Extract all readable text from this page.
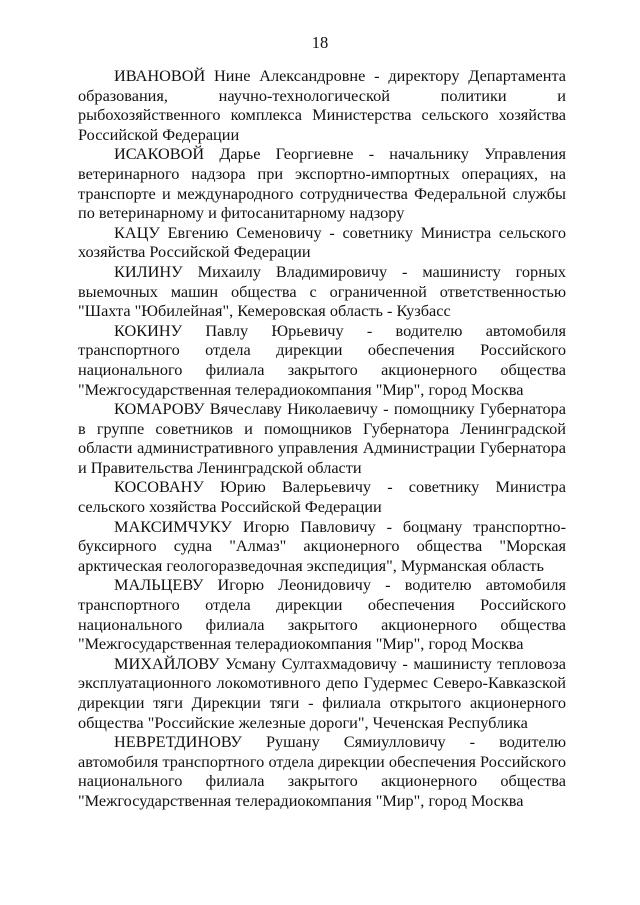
18

ИВАНОВОЙ Нине Александровне - директору Департамента образования, научно-технологической политики и рыбохозяйственного комплекса Министерства сельского хозяйства Российской Федерации

ИСАКОВОЙ Дарье Георгиевне - начальнику Управления ветеринарного надзора при экспортно-импортных операциях, на транспорте и международного сотрудничества Федеральной службы по ветеринарному и фитосанитарному надзору

КАЦУ Евгению Семеновичу - советнику Министра сельского хозяйства Российской Федерации

КИЛИНУ Михаилу Владимировичу - машинисту горных выемочных машин общества с ограниченной ответственностью "Шахта "Юбилейная", Кемеровская область - Кузбасс

КОКИНУ Павлу Юрьевичу - водителю автомобиля транспортного отдела дирекции обеспечения Российского национального филиала закрытого акционерного общества "Межгосударственная телерадиокомпания "Мир", город Москва

КОМАРОВУ Вячеславу Николаевичу - помощнику Губернатора в группе советников и помощников Губернатора Ленинградской области административного управления Администрации Губернатора и Правительства Ленинградской области

КОСОВАНУ Юрию Валерьевичу - советнику Министра сельского хозяйства Российской Федерации

МАКСИМЧУКУ Игорю Павловичу - боцману транспортно-буксирного судна "Алмаз" акционерного общества "Морская арктическая геологоразведочная экспедиция", Мурманская область

МАЛЬЦЕВУ Игорю Леонидовичу - водителю автомобиля транспортного отдела дирекции обеспечения Российского национального филиала закрытого акционерного общества "Межгосударственная телерадиокомпания "Мир", город Москва

МИХАЙЛОВУ Усману Султахмадовичу - машинисту тепловоза эксплуатационного локомотивного депо Гудермес Северо-Кавказской дирекции тяги Дирекции тяги - филиала открытого акционерного общества "Российские железные дороги", Чеченская Республика

НЕВРЕТДИНОВУ Рушану Сямиулловичу - водителю автомобиля транспортного отдела дирекции обеспечения Российского национального филиала закрытого акционерного общества "Межгосударственная телерадиокомпания "Мир", город Москва
